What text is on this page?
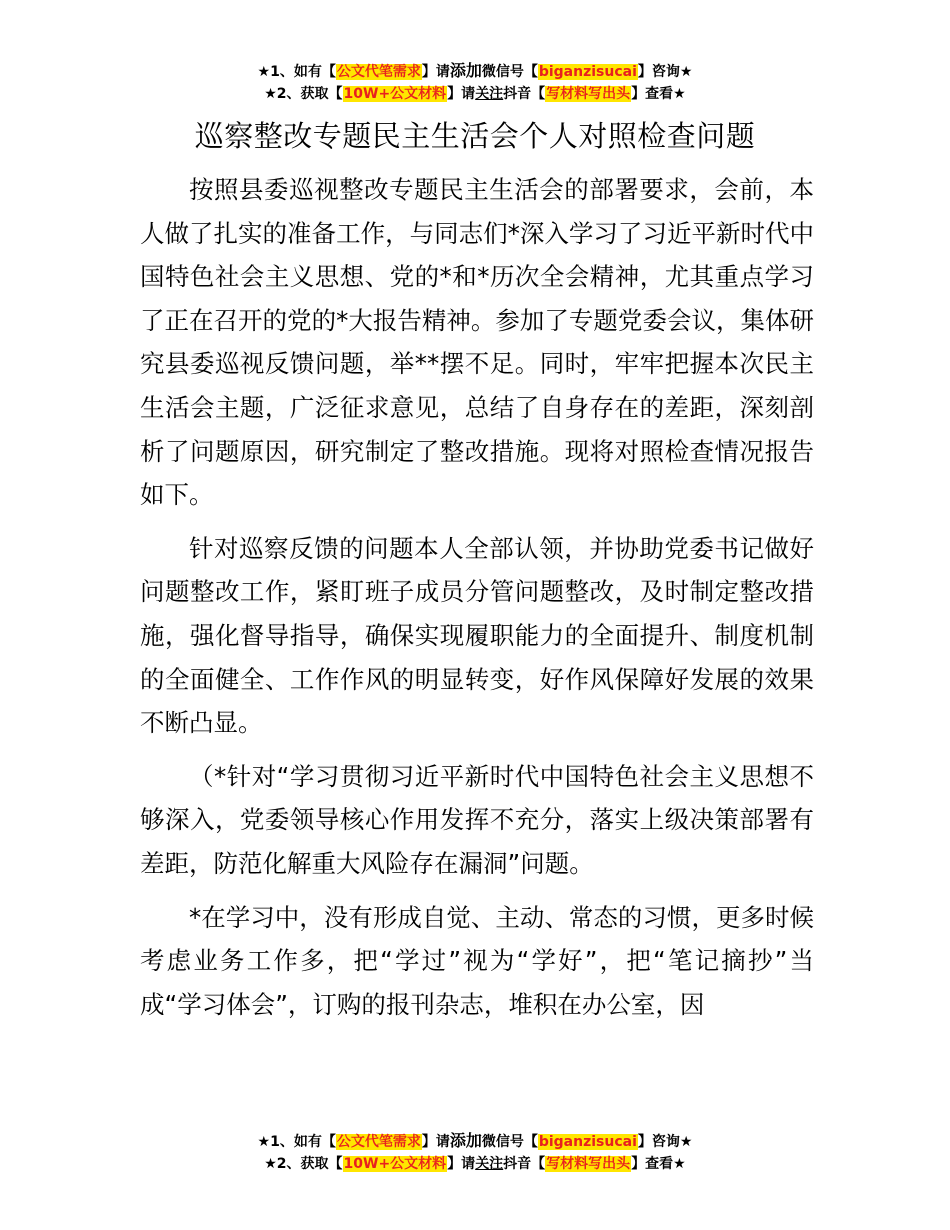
★1、如有【公文代笔需求】请添加微信号【biganzisucai】咨询★
★2、获取【10W+公文材料】请关注抖音【写材料写出头】查看★
巡察整改专题民主生活会个人对照检查问题

按照县委巡视整改专题民主生活会的部署要求，会前，本人做了扎实的准备工作，与同志们*深入学习了习近平新时代中国特色社会主义思想、党的*和*历次全会精神，尤其重点学习了正在召开的党的*大报告精神。参加了专题党委会议，集体研究县委巡视反馈问题，举**摆不足。同时，牢牢把握本次民主生活会主题，广泛征求意见，总结了自身存在的差距，深刻剖析了问题原因，研究制定了整改措施。现将对照检查情况报告如下。

针对巡察反馈的问题本人全部认领，并协助党委书记做好问题整改工作，紧盯班子成员分管问题整改，及时制定整改措施，强化督导指导，确保实现履职能力的全面提升、制度机制的全面健全、工作作风的明显转变，好作风保障好发展的效果不断凸显。

（*针对“学习贯彻习近平新时代中国特色社会主义思想不够深入，党委领导核心作用发挥不充分，落实上级决策部署有差距，防范化解重大风险存在漏洞”问题。

*在学习中，没有形成自觉、主动、常态的习惯，更多时候考虑业务工作多，把“学过”视为“学好”，把“笔记摘抄”当成“学习体会”，订购的报刊杂志，堆积在办公室，因

★1、如有【公文代笔需求】请添加微信号【biganzisucai】咨询★
★2、获取【10W+公文材料】请关注抖音【写材料写出头】查看★
